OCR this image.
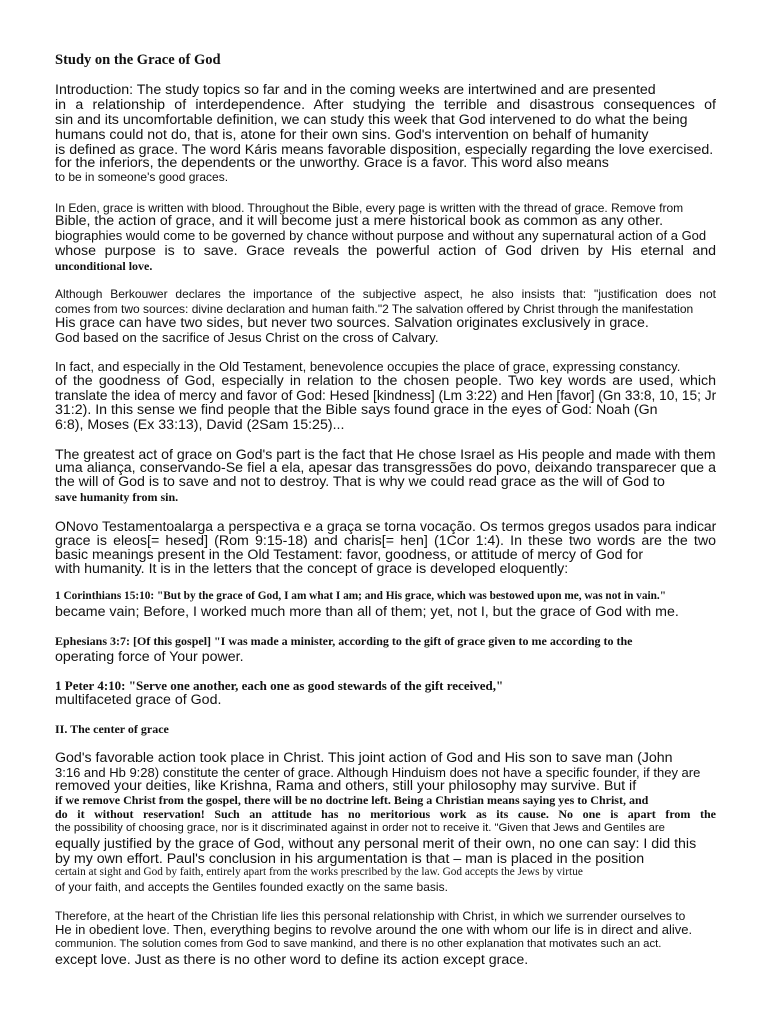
Study on the Grace of God
Introduction: The study topics so far and in the coming weeks are intertwined and are presented
in a relationship of interdependence. After studying the terrible and disastrous consequences of
sin and its uncomfortable definition, we can study this week that God intervened to do what the being
humans could not do, that is, atone for their own sins. God's intervention on behalf of humanity
is defined as grace. The word Káris means favorable disposition, especially regarding the love exercised.
for the inferiors, the dependents or the unworthy. Grace is a favor. This word also means
to be in someone's good graces.
In Eden, grace is written with blood. Throughout the Bible, every page is written with the thread of grace. Remove from
Bible, the action of grace, and it will become just a mere historical book as common as any other.
biographies would come to be governed by chance without purpose and without any supernatural action of a God
whose purpose is to save. Grace reveals the powerful action of God driven by His eternal and
unconditional love.
Although Berkouwer declares the importance of the subjective aspect, he also insists that: "justification does not
comes from two sources: divine declaration and human faith."2 The salvation offered by Christ through the manifestation
His grace can have two sides, but never two sources. Salvation originates exclusively in grace.
God based on the sacrifice of Jesus Christ on the cross of Calvary.
In fact, and especially in the Old Testament, benevolence occupies the place of grace, expressing constancy.
of the goodness of God, especially in relation to the chosen people. Two key words are used, which
translate the idea of mercy and favor of God: Hesed [kindness] (Lm 3:22) and Hen [favor] (Gn 33:8, 10, 15; Jr
31:2). In this sense we find people that the Bible says found grace in the eyes of God: Noah (Gn
6:8), Moses (Ex 33:13), David (2Sam 15:25)...
The greatest act of grace on God's part is the fact that He chose Israel as His people and made with them
uma aliança, conservando-Se fiel a ela, apesar das transgressões do povo, deixando transparecer que a
the will of God is to save and not to destroy. That is why we could read grace as the will of God to
save humanity from sin.
ONovo Testamentoalarga a perspectiva e a graça se torna vocação. Os termos gregos usados para indicar
grace is eleos[= hesed] (Rom 9:15-18) and charis[= hen] (1Cor 1:4). In these two words are the two
basic meanings present in the Old Testament: favor, goodness, or attitude of mercy of God for
with humanity. It is in the letters that the concept of grace is developed eloquently:
1 Corinthians 15:10: "But by the grace of God, I am what I am; and His grace, which was bestowed upon me, was not in vain."
became vain; Before, I worked much more than all of them; yet, not I, but the grace of God with me.
Ephesians 3:7: [Of this gospel] "I was made a minister, according to the gift of grace given to me according to the
operating force of Your power.
1 Peter 4:10: "Serve one another, each one as good stewards of the gift received,"
multifaceted grace of God.
II. The center of grace
God's favorable action took place in Christ. This joint action of God and His son to save man (John
3:16 and Hb 9:28) constitute the center of grace. Although Hinduism does not have a specific founder, if they are
removed your deities, like Krishna, Rama and others, still your philosophy may survive. But if
if we remove Christ from the gospel, there will be no doctrine left. Being a Christian means saying yes to Christ, and
do it without reservation! Such an attitude has no meritorious work as its cause. No one is apart from the
the possibility of choosing grace, nor is it discriminated against in order not to receive it. "Given that Jews and Gentiles are
equally justified by the grace of God, without any personal merit of their own, no one can say: I did this
by my own effort. Paul's conclusion in his argumentation is that – man is placed in the position
certain at sight and God by faith, entirely apart from the works prescribed by the law. God accepts the Jews by virtue
of your faith, and accepts the Gentiles founded exactly on the same basis.
Therefore, at the heart of the Christian life lies this personal relationship with Christ, in which we surrender ourselves to
He in obedient love. Then, everything begins to revolve around the one with whom our life is in direct and alive.
communion. The solution comes from God to save mankind, and there is no other explanation that motivates such an act.
except love. Just as there is no other word to define its action except grace.
